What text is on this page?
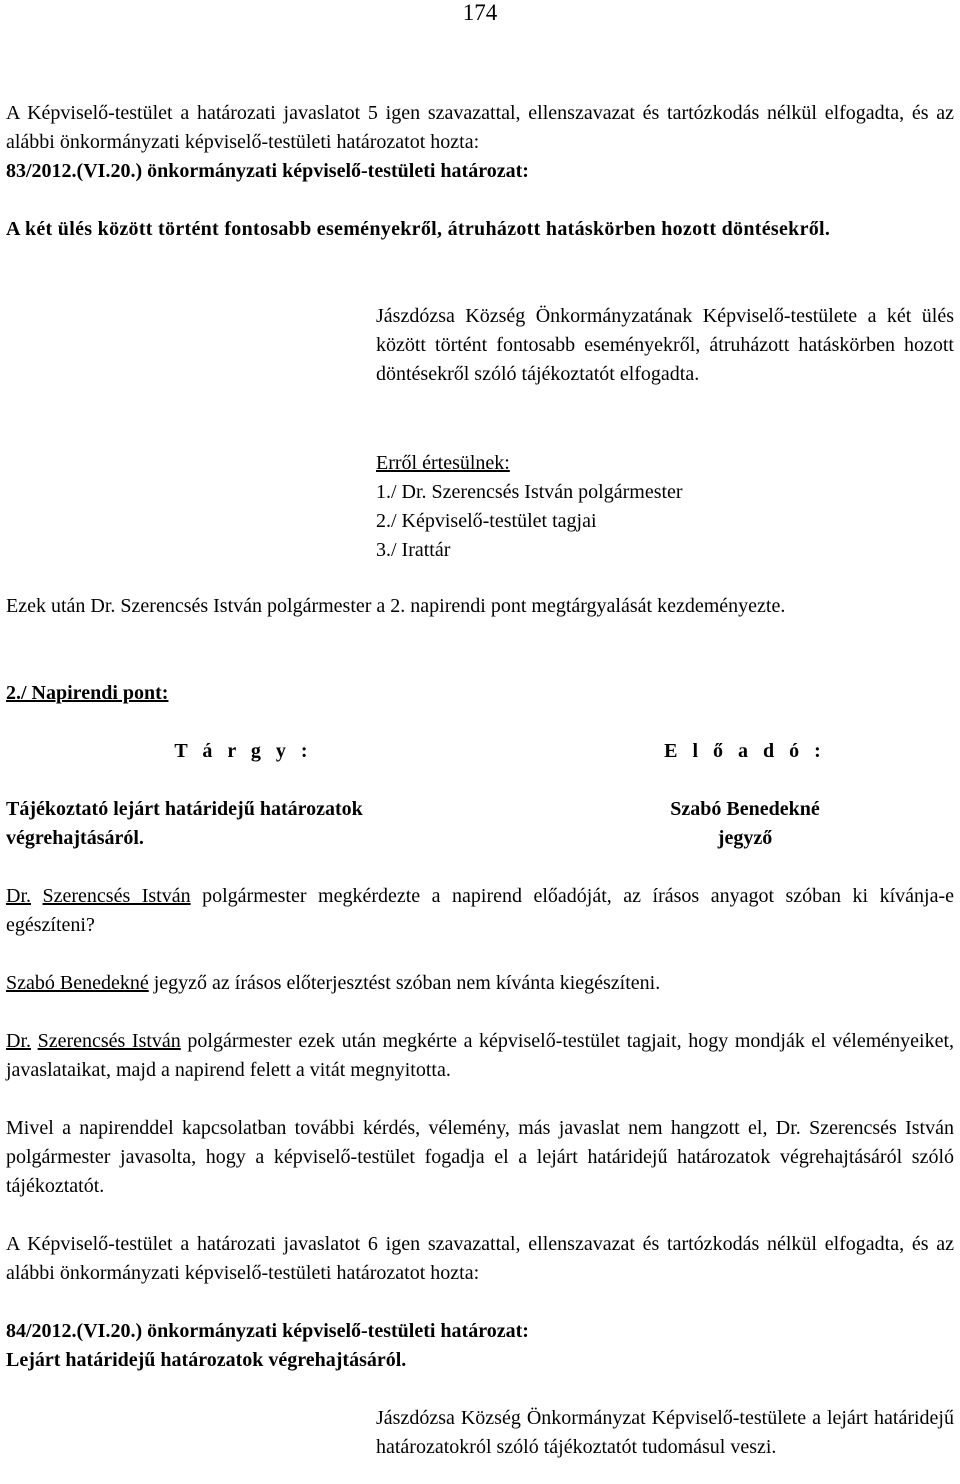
174
A Képviselő-testület a határozati javaslatot 5 igen szavazattal, ellenszavazat és tartózkodás nélkül elfogadta, és az alábbi önkormányzati képviselő-testületi határozatot hozta:
83/2012.(VI.20.) önkormányzati képviselő-testületi határozat:
A két ülés között történt fontosabb eseményekről, átruházott hatáskörben hozott döntésekről.
Jászdózsa Község Önkormányzatának Képviselő-testülete a két ülés között történt fontosabb eseményekről, átruházott hatáskörben hozott döntésekről szóló tájékoztatót elfogadta.
Erről értesülnek:
1./ Dr. Szerencsés István polgármester
2./ Képviselő-testület tagjai
3./ Irattár
Ezek után Dr. Szerencsés István polgármester a 2. napirendi pont megtárgyalását kezdeményezte.
2./ Napirendi pont:
T á r g y :	E l ő a d ó :
Tájékoztató lejárt határidejű határozatok végrehajtásáról.
Szabó Benedekné
jegyző
Dr. Szerencsés István polgármester megkérdezte a napirend előadóját, az írásos anyagot szóban ki kívánja-e egészíteni?
Szabó Benedekné jegyző az írásos előterjesztést szóban nem kívánta kiegészíteni.
Dr. Szerencsés István polgármester ezek után megkérte a képviselő-testület tagjait, hogy mondják el véleményeiket, javaslataikat, majd a napirend felett a vitát megnyitotta.
Mivel a napirenddel kapcsolatban további kérdés, vélemény, más javaslat nem hangzott el, Dr. Szerencsés István polgármester javasolta, hogy a képviselő-testület fogadja el a lejárt határidejű határozatok végrehajtásáról szóló tájékoztatót.
A Képviselő-testület a határozati javaslatot 6 igen szavazattal, ellenszavazat és tartózkodás nélkül elfogadta, és az alábbi önkormányzati képviselő-testületi határozatot hozta:
84/2012.(VI.20.) önkormányzati képviselő-testületi határozat:
Lejárt határidejű határozatok végrehajtásáról.
Jászdózsa Község Önkormányzat Képviselő-testülete a lejárt határidejű határozatokról szóló tájékoztatót tudomásul veszi.
